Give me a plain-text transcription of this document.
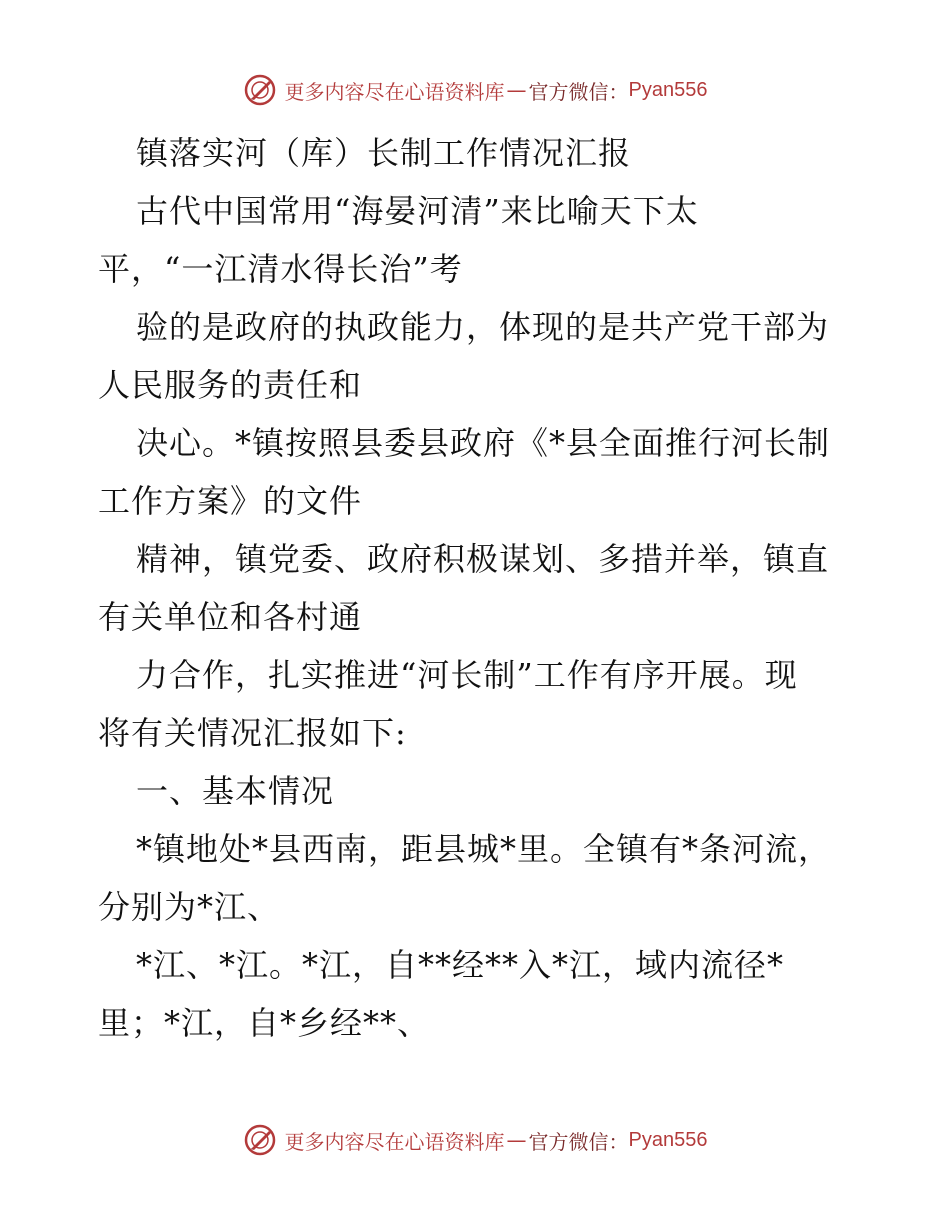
更多内容尽在心语资料库 — 官方微信： Pyan556
镇落实河（库）长制工作情况汇报
古代中国常用“海晏河清”来比喻天下太
平，“一江清水得长治”考
验的是政府的执政能力，体现的是共产党干部为
人民服务的责任和
决心。*镇按照县委县政府《*县全面推行河长制
工作方案》的文件
精神，镇党委、政府积极谋划、多措并举，镇直
有关单位和各村通
力合作，扎实推进“河长制”工作有序开展。现
将有关情况汇报如下:
一、基本情况
*镇地处*县西南，距县城*里。全镇有*条河流，
分别为*江、
*江、*江。*江，自**经**入*江，域内流径*
里；*江，自*乡经**、
更多内容尽在心语资料库 — 官方微信： Pyan556
